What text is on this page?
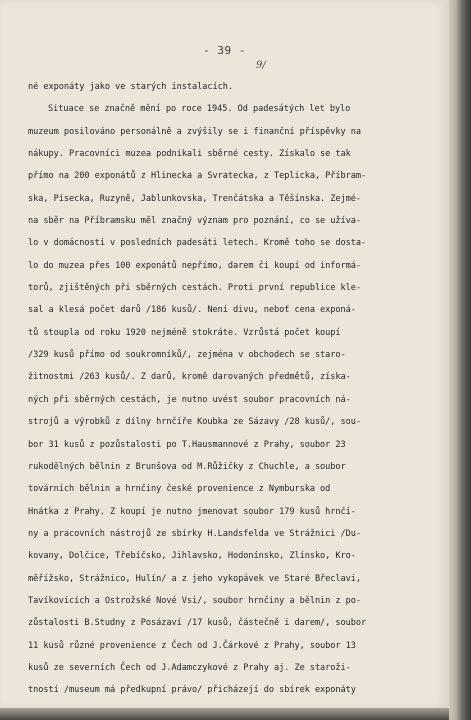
- 39 -
9/
né exponáty jako ve starých instalacích.
Situace se značně mění po roce 1945. Od padesátých let bylo
muzeum posilováno personálně a zvýšily se i finanční příspěvky na
nákupy. Pracovníci muzea podnikali sběrné cesty. Získalo se tak
přímo na 200 exponátů z Hlinecka a Svratecka, z Teplicka, Příbram-
ska, Písecka, Ruzyně, Jablunkovska, Trenčátska a Těšínska. Zejmé-
na sběr na Příbramsku měl značný význam pro poznání, co se užíva-
lo v domácnosti v posledních padesáti letech. Kromě toho se dosta-
lo do muzea přes 100 exponátů nepřímo, darem či koupí od informá-
torů, zjištěných při sběrných cestách. Proti první republice kle-
sal a klesá počet darů /186 kusů/. Není divu, neboť cena exponá-
tů stoupla od roku 1920 nejméně stokráte. Vzrůstá počet koupí
/329 kusů přímo od soukromníků/, zejména v obchodech se staro-
žitnostmi /263 kusů/. Z darů, kromě darovaných předmětů, získa-
ných při sběrných cestách, je nutno uvést soubor pracovních ná-
strojů a výrobků z dílny hrnčíře Koubka ze Sázavy /28 kusů/, sou-
bor 31 kusů z pozůstalosti po T.Hausmannové z Prahy, soubor 23
rukodělných bělnin z Brunšova od M.Růžičky z Chuchle, a soubor
továrních bělnin a hrnčiny české provenience z Nymburska od
Hnátka z Prahy. Z koupí je nutno jmenovat soubor 179 kusů hrnčí-
ny a pracovních nástrojů ze sbírky H.Landsfelda ve Strážnici /Du-
kovany, Dolčice, Třebíčsko, Jihlavsko, Hodonínsko, Zlínsko, Kro-
měřížsko, Strážnico, Hulín/ a z jeho vykopávek ve Staré Břeclavi,
Tavíkovicích a Ostrožské Nové Vsi/, soubor hrnčiny a bělnin z po-
zůstalosti B.Studny z Posázaví /17 kusů, částečně i darem/, soubor
11 kusů různé provenience z Čech od J.Čárkové z Prahy, soubor 13
kusů ze severních Čech od J.Adamczykové z Prahy aj. Ze staroži-
tností /museum má předkupní právo/ přicházejí do sbírek exponáty
